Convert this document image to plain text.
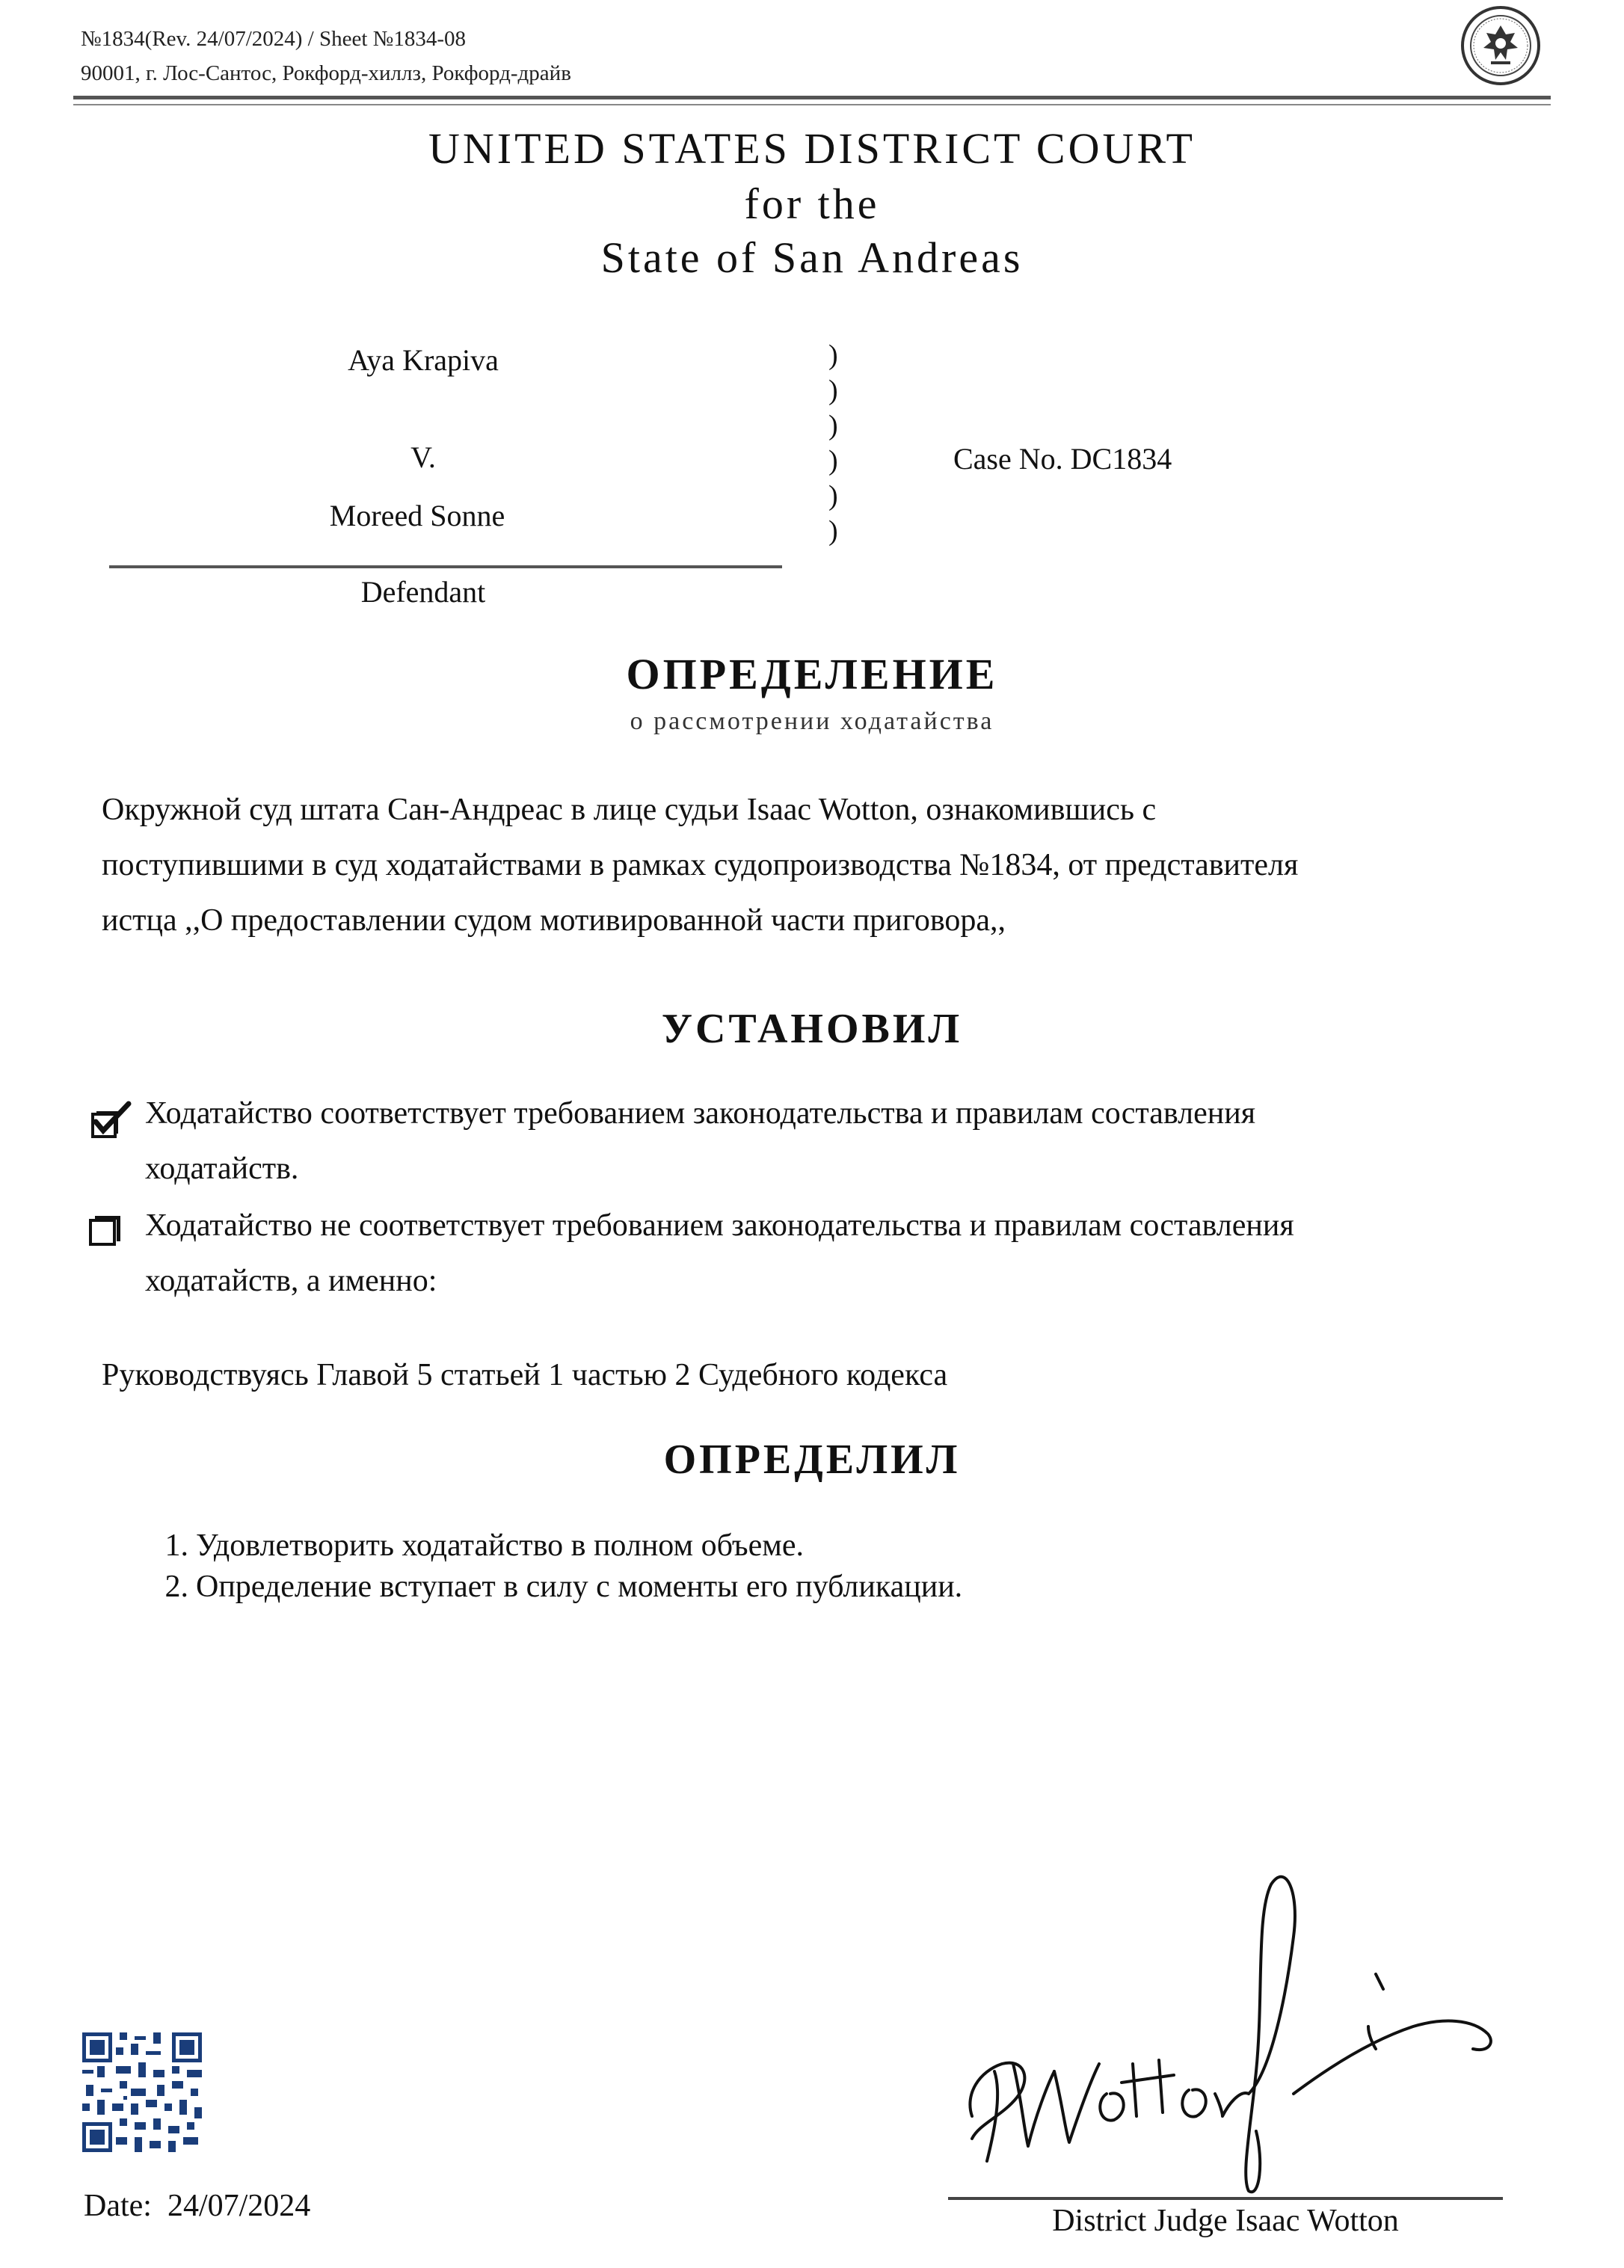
№1834(Rev. 24/07/2024) / Sheet №1834-08
90001, г. Лос-Сантос, Рокфорд-хиллз, Рокфорд-драйв
UNITED STATES DISTRICT COURT
for the
State of San Andreas
Aya Krapiva
V.
Moreed Sonne
Defendant
)
)
)
)
)
)
Case No. DC1834
ОПРЕДЕЛЕНИЕ
о рассмотрении ходатайства
Окружной суд штата Сан-Андреас в лице судьи Isaac Wotton, ознакомившись с
поступившими в суд ходатайствами в рамках судопроизводства №1834, от представителя
истца ,,О предоставлении судом мотивированной части приговора,,
УСТАНОВИЛ
Ходатайство соответствует требованием законодательства и правилам составления
ходатайств.
Ходатайство не соответствует требованием законодательства и правилам составления
ходатайств, а именно:
Руководствуясь Главой 5 статьей 1 частью 2 Судебного кодекса
ОПРЕДЕЛИЛ
1. Удовлетворить ходатайство в полном объеме.
2. Определение вступает в силу с моменты его публикации.
Date: 24/07/2024	District Judge Isaac Wotton
